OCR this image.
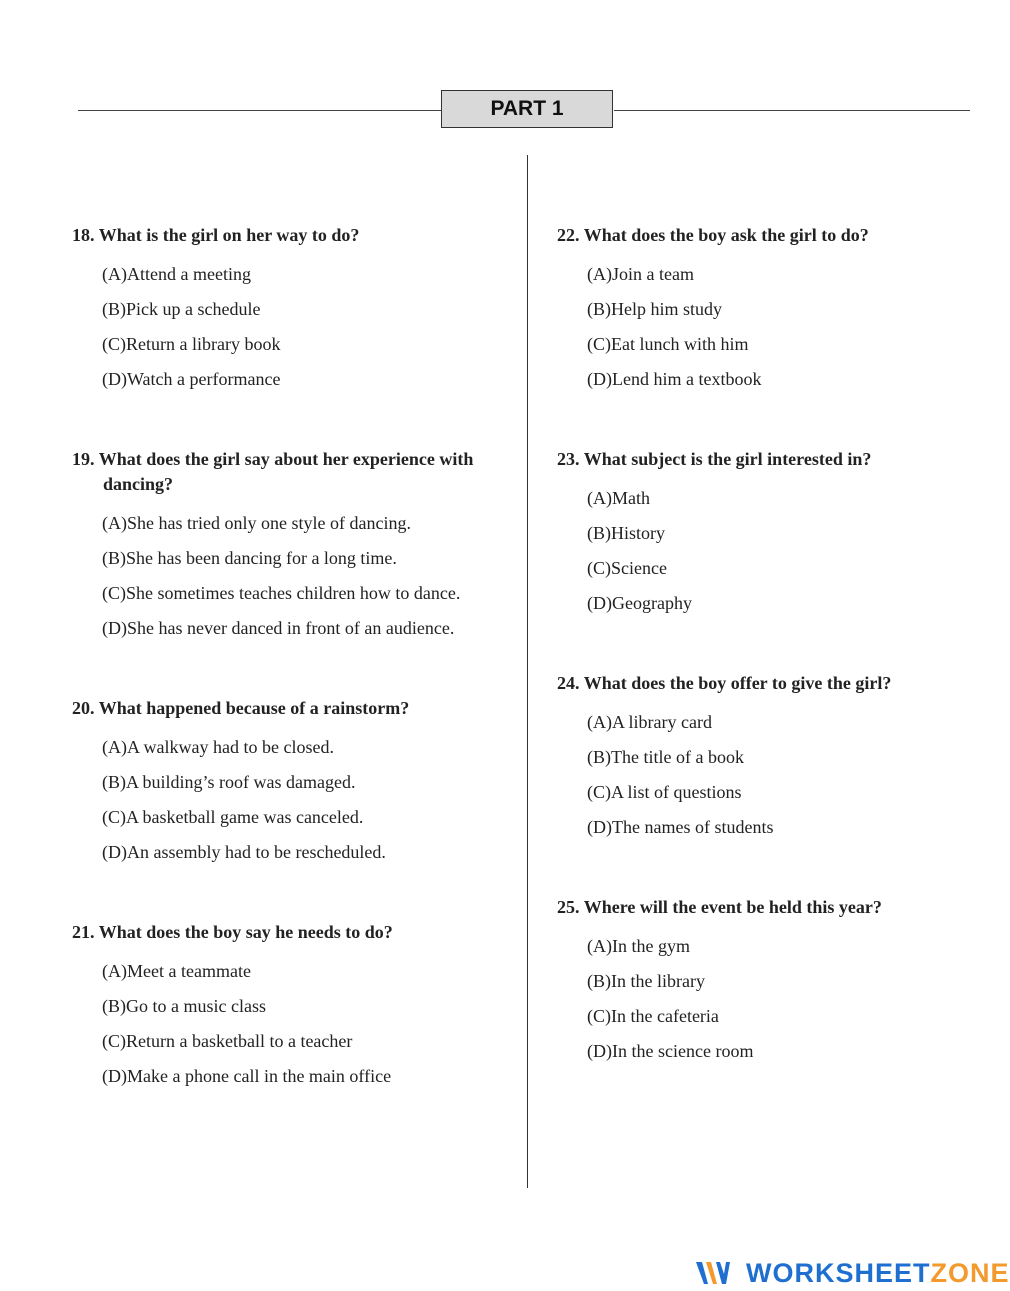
PART 1
18. What is the girl on her way to do?
(A)Attend a meeting
(B)Pick up a schedule
(C)Return a library book
(D)Watch a performance
19. What does the girl say about her experience with dancing?
(A)She has tried only one style of dancing.
(B)She has been dancing for a long time.
(C)She sometimes teaches children how to dance.
(D)She has never danced in front of an audience.
20. What happened because of a rainstorm?
(A)A walkway had to be closed.
(B)A building’s roof was damaged.
(C)A basketball game was canceled.
(D)An assembly had to be rescheduled.
21. What does the boy say he needs to do?
(A)Meet a teammate
(B)Go to a music class
(C)Return a basketball to a teacher
(D)Make a phone call in the main office
22. What does the boy ask the girl to do?
(A)Join a team
(B)Help him study
(C)Eat lunch with him
(D)Lend him a textbook
23. What subject is the girl interested in?
(A)Math
(B)History
(C)Science
(D)Geography
24. What does the boy offer to give the girl?
(A)A library card
(B)The title of a book
(C)A list of questions
(D)The names of students
25. Where will the event be held this year?
(A)In the gym
(B)In the library
(C)In the cafeteria
(D)In the science room
WORKSHEETZONE
